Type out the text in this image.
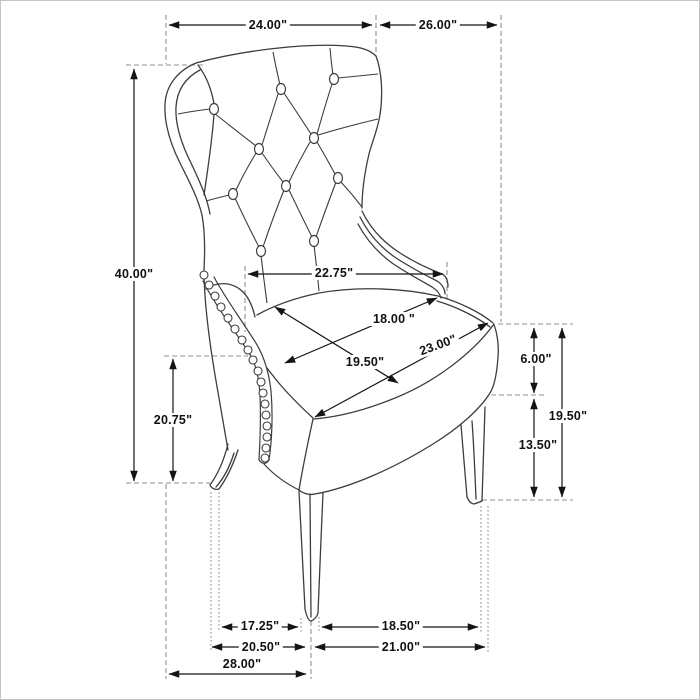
24.00"	26.00"
40.00"
20.75"
22.75"
18.00 "
19.50"
23.00"
6.00"
13.50"
19.50"
17.25"	18.50"
20.50"	21.00"
28.00"
